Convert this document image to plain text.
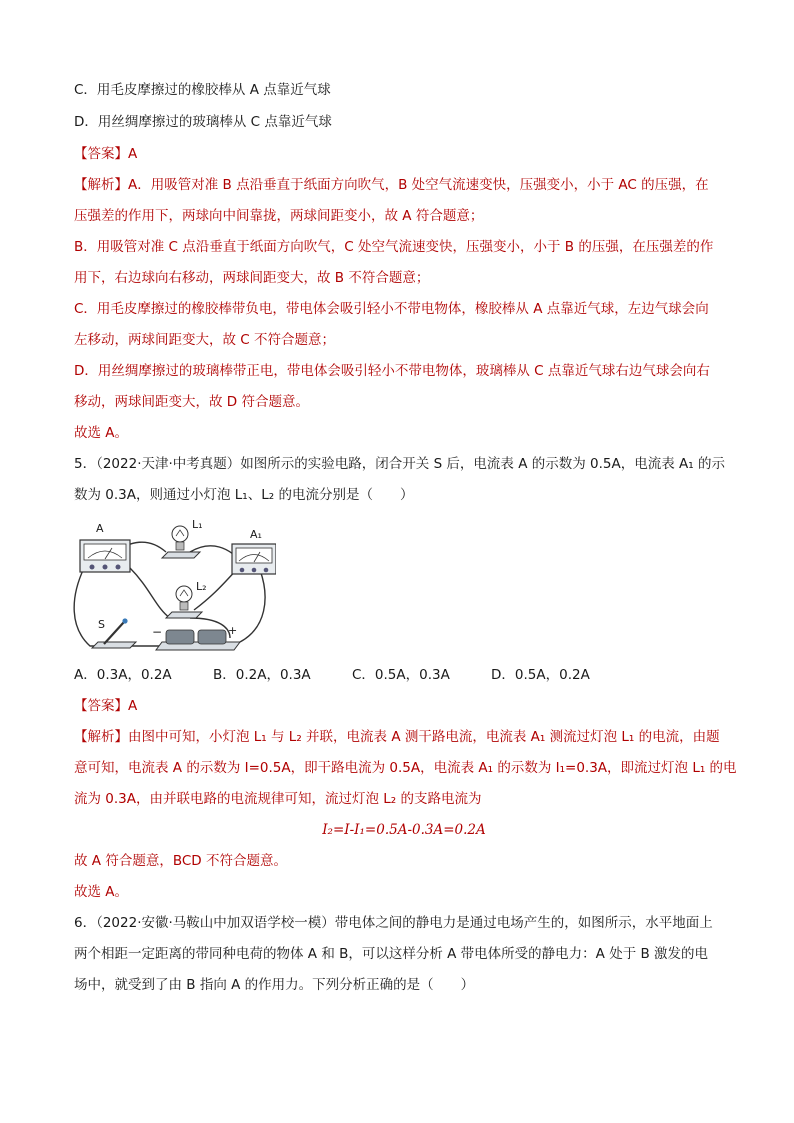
C．用毛皮摩擦过的橡胶棒从 A 点靠近气球
D．用丝绸摩擦过的玻璃棒从 C 点靠近气球
【答案】A
【解析】A．用吸管对准 B 点沿垂直于纸面方向吹气，B 处空气流速变快，压强变小，小于 AC 的压强，在
压强差的作用下，两球向中间靠拢，两球间距变小，故 A 符合题意；
B．用吸管对准 C 点沿垂直于纸面方向吹气，C 处空气流速变快，压强变小，小于 B 的压强，在压强差的作
用下，右边球向右移动，两球间距变大，故 B 不符合题意；
C．用毛皮摩擦过的橡胶棒带负电，带电体会吸引轻小不带电物体，橡胶棒从 A 点靠近气球，左边气球会向
左移动，两球间距变大，故 C 不符合题意；
D．用丝绸摩擦过的玻璃棒带正电，带电体会吸引轻小不带电物体，玻璃棒从 C 点靠近气球右边气球会向右
移动，两球间距变大，故 D 符合题意。
故选 A。
5．（2022·天津·中考真题）如图所示的实验电路，闭合开关 S 后，电流表 A 的示数为 0.5A，电流表 A₁ 的示
数为 0.3A，则通过小灯泡 L₁、L₂ 的电流分别是（　　）
A	L₁
L₂
A₁
S
−	+
A．0.3A，0.2A	B．0.2A，0.3A	C．0.5A，0.3A	D．0.5A，0.2A
【答案】A
【解析】由图中可知，小灯泡 L₁ 与 L₂ 并联，电流表 A 测干路电流，电流表 A₁ 测流过灯泡 L₁ 的电流，由题
意可知，电流表 A 的示数为 I=0.5A，即干路电流为 0.5A，电流表 A₁ 的示数为 I₁=0.3A，即流过灯泡 L₁ 的电
流为 0.3A，由并联电路的电流规律可知，流过灯泡 L₂ 的支路电流为
I₂=I-I₁=0.5A-0.3A=0.2A
故 A 符合题意，BCD 不符合题意。
故选 A。
6．（2022·安徽·马鞍山中加双语学校一模）带电体之间的静电力是通过电场产生的，如图所示，水平地面上
两个相距一定距离的带同种电荷的物体 A 和 B，可以这样分析 A 带电体所受的静电力：A 处于 B 激发的电
场中，就受到了由 B 指向 A 的作用力。下列分析正确的是（　　）
